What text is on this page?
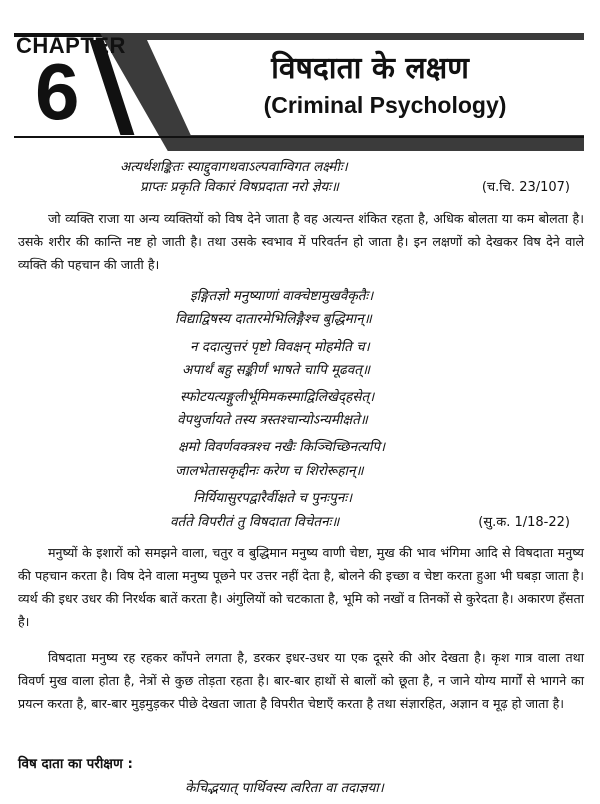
CHAPTER
6	विषदाता के लक्षण
(Criminal Psychology)
अत्यर्थशङ्कितः स्याद्दुवागथवाऽल्पवाग्विगत लक्ष्मीः।
प्राप्तः प्रकृति विकारं विषप्रदाता नरो ज्ञेयः॥	(च.चि. 23/107)

जो व्यक्ति राजा या अन्य व्यक्तियों को विष देने जाता है वह अत्यन्त शंकित रहता है, अधिक बोलता या कम बोलता है। उसके शरीर की कान्ति नष्ट हो जाती है। तथा उसके स्वभाव में परिवर्तन हो जाता है। इन लक्षणों को देखकर विष देने वाले व्यक्ति की पहचान की जाती है।

इङ्गितज्ञो मनुष्याणां वाक्चेष्टामुखवैकृतैः।
विद्याद्विषस्य दातारमेभिलिङ्गैश्च बुद्धिमान्॥
न ददात्युत्तरं पृष्टो विवक्षन् मोहमेति च।
अपार्थं बहु सङ्कीर्णं भाषते चापि मूढवत्॥
स्फोटयत्यङ्गुलीर्भूमिमकस्माद्विलिखेद्हसेत्।
वेपथुर्जायते तस्य त्रस्तश्चान्योऽन्यमीक्षते॥
क्षमो विवर्णवक्त्रश्च नखैः किञ्चिच्छिनत्यपि।
जालभेतासकृद्दीनः करेण च शिरोरूहान्॥
निर्यियासुरपद्वारैर्वीक्षते च पुनःपुनः।
वर्तते विपरीतं तु विषदाता विचेतनः॥	(सु.क. 1/18-22)

मनुष्यों के इशारों को समझने वाला, चतुर व बुद्धिमान मनुष्य वाणी चेष्टा, मुख की भाव भंगिमा आदि से विषदाता मनुष्य की पहचान करता है। विष देने वाला मनुष्य पूछने पर उत्तर नहीं देता है, बोलने की इच्छा व चेष्टा करता हुआ भी घबड़ा जाता है। व्यर्थ की इधर उधर की निरर्थक बातें करता है। अंगुलियों को चटकाता है, भूमि को नखों व तिनकों से कुरेदता है। अकारण हँसता है।

विषदाता मनुष्य रह रहकर काँपने लगता है, डरकर इधर-उधर या एक दूसरे की ओर देखता है। कृश गात्र वाला तथा विवर्ण मुख वाला होता है, नेत्रों से कुछ तोड़ता रहता है। बार-बार हाथों से बालों को छूता है, न जाने योग्य मार्गों से भागने का प्रयत्न करता है, बार-बार मुड़मुड़कर पीछे देखता जाता है विपरीत चेष्टाएँ करता है तथा संज्ञारहित, अज्ञान व मूढ़ हो जाता है।

विष दाता का परीक्षण :
केचिद्भयात् पार्थिवस्य त्वरिता वा तदाज्ञया।
